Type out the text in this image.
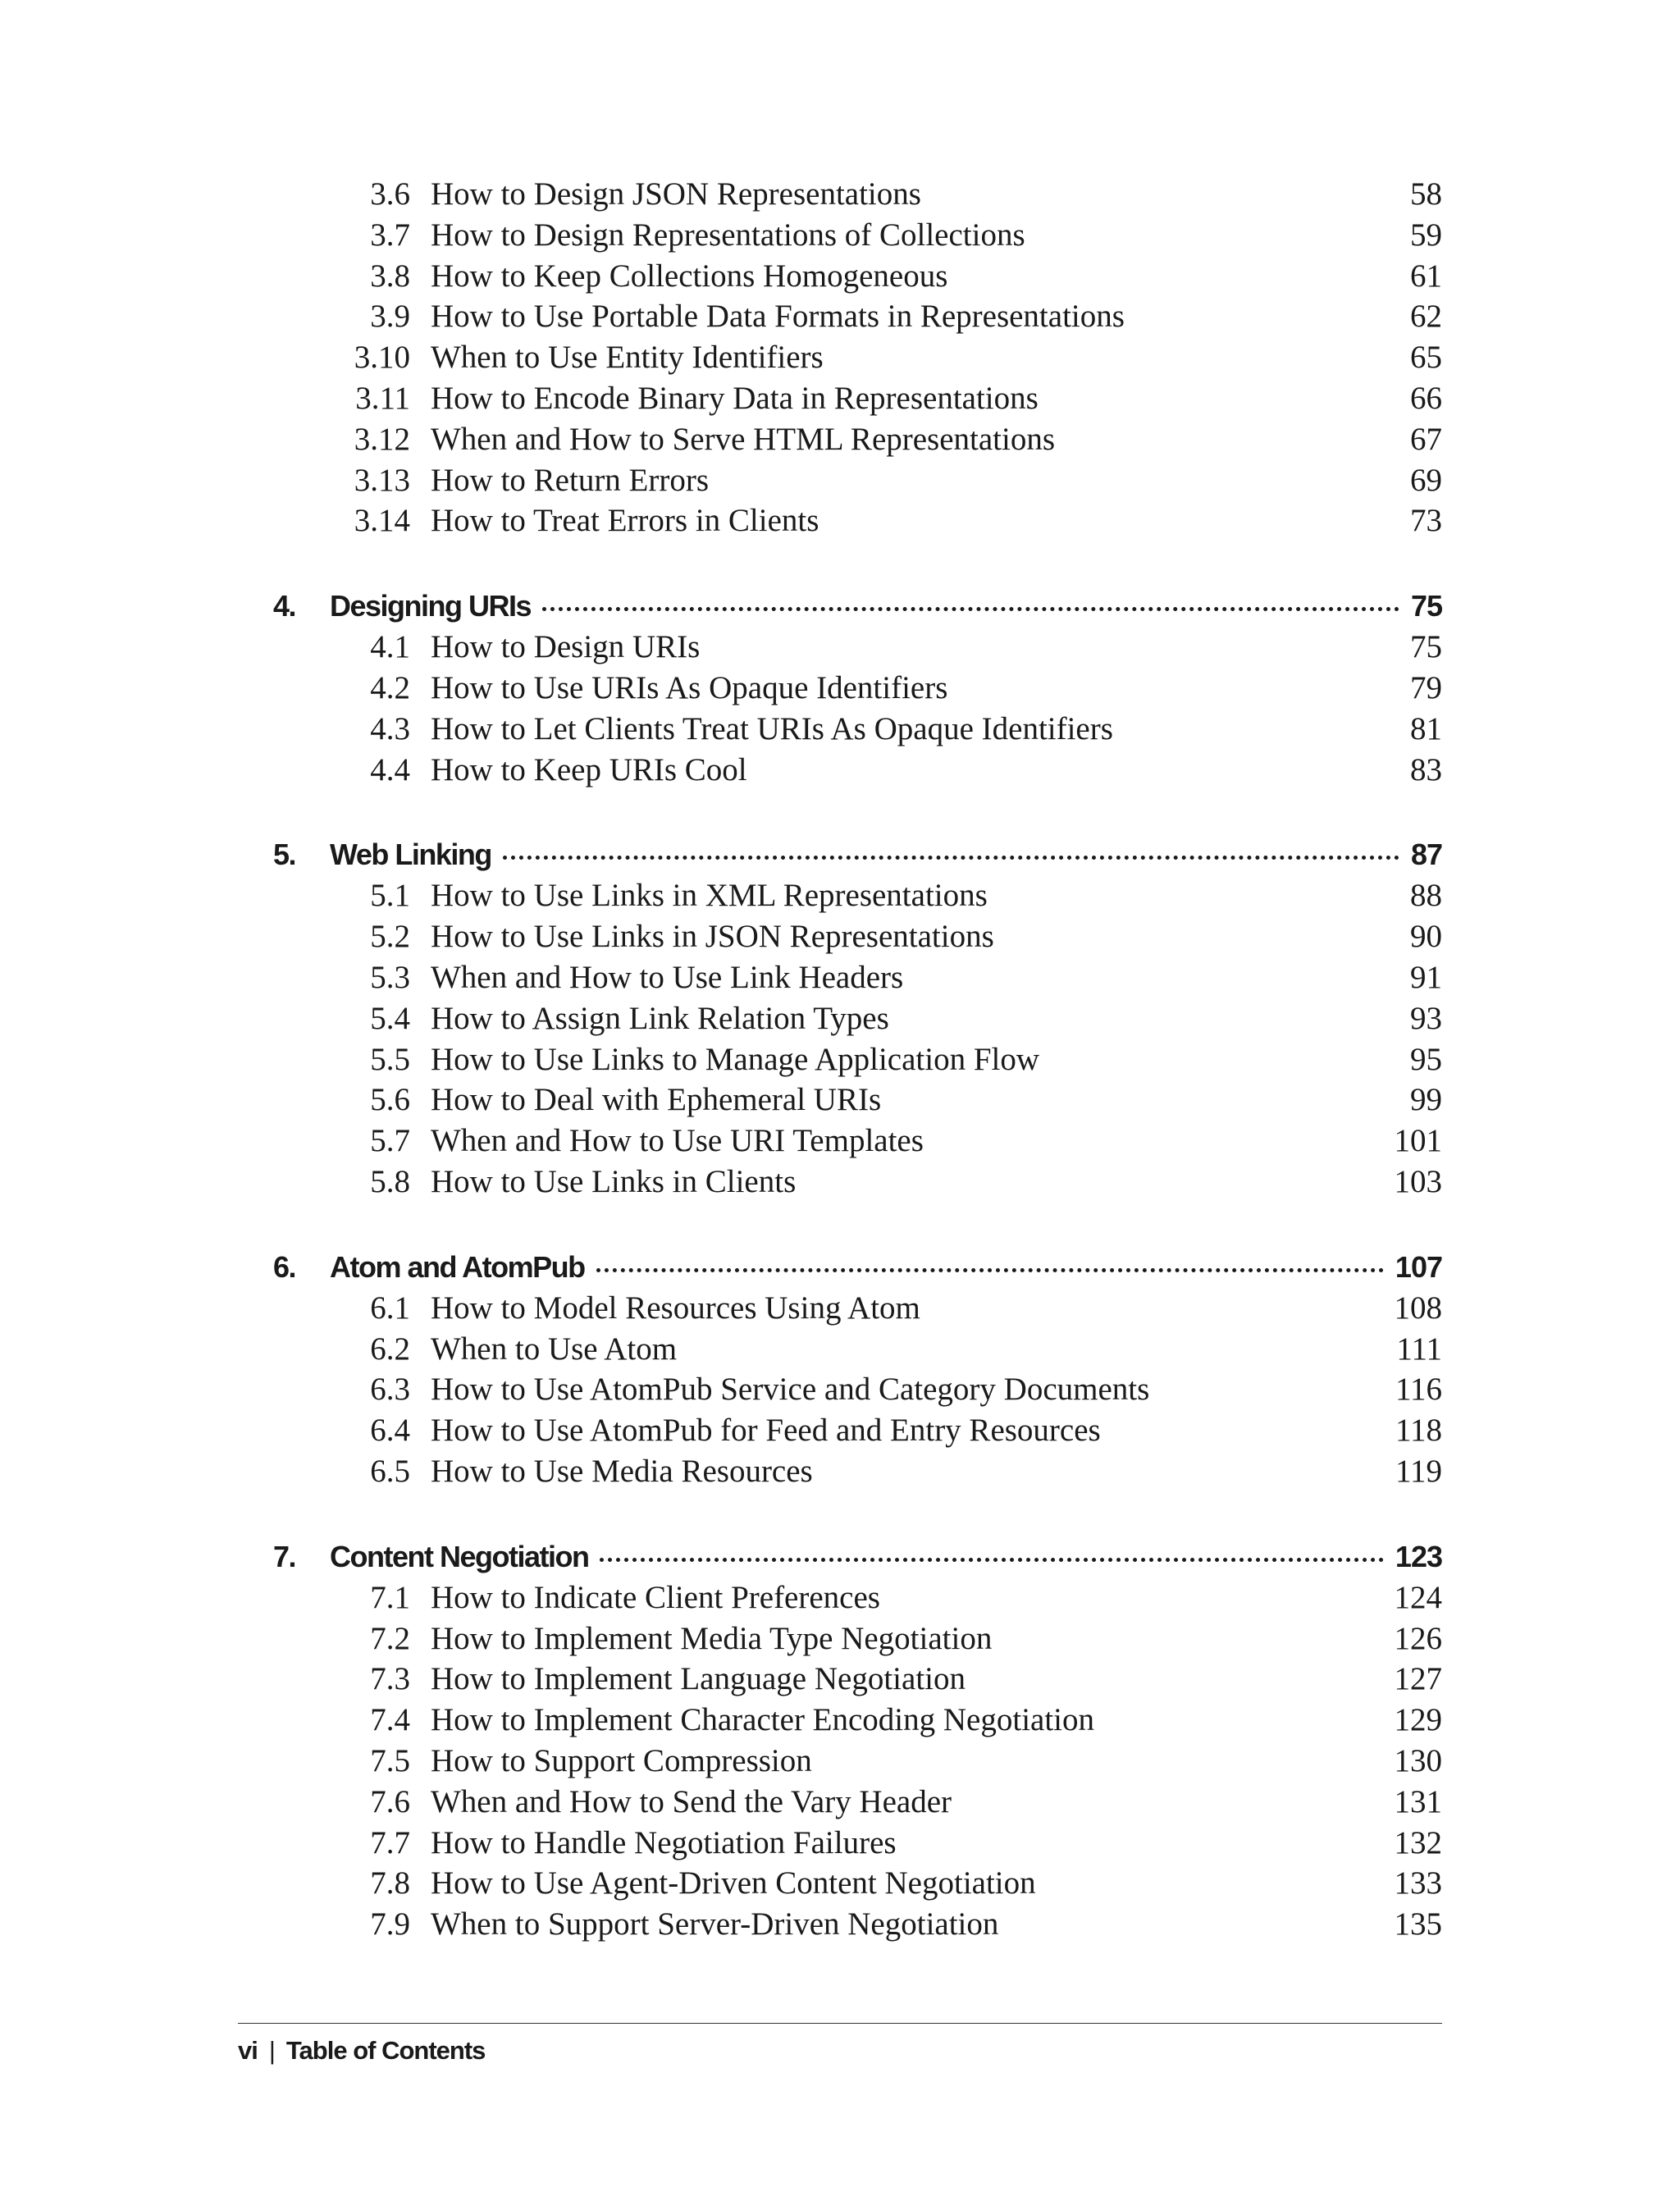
3.6 How to Design JSON Representations	58
3.7 How to Design Representations of Collections	59
3.8 How to Keep Collections Homogeneous	61
3.9 How to Use Portable Data Formats in Representations	62
3.10 When to Use Entity Identifiers	65
3.11 How to Encode Binary Data in Representations	66
3.12 When and How to Serve HTML Representations	67
3.13 How to Return Errors	69
3.14 How to Treat Errors in Clients	73
4. Designing URIs	75
4.1 How to Design URIs	75
4.2 How to Use URIs As Opaque Identifiers	79
4.3 How to Let Clients Treat URIs As Opaque Identifiers	81
4.4 How to Keep URIs Cool	83
5. Web Linking	87
5.1 How to Use Links in XML Representations	88
5.2 How to Use Links in JSON Representations	90
5.3 When and How to Use Link Headers	91
5.4 How to Assign Link Relation Types	93
5.5 How to Use Links to Manage Application Flow	95
5.6 How to Deal with Ephemeral URIs	99
5.7 When and How to Use URI Templates	101
5.8 How to Use Links in Clients	103
6. Atom and AtomPub	107
6.1 How to Model Resources Using Atom	108
6.2 When to Use Atom	111
6.3 How to Use AtomPub Service and Category Documents	116
6.4 How to Use AtomPub for Feed and Entry Resources	118
6.5 How to Use Media Resources	119
7. Content Negotiation	123
7.1 How to Indicate Client Preferences	124
7.2 How to Implement Media Type Negotiation	126
7.3 How to Implement Language Negotiation	127
7.4 How to Implement Character Encoding Negotiation	129
7.5 How to Support Compression	130
7.6 When and How to Send the Vary Header	131
7.7 How to Handle Negotiation Failures	132
7.8 How to Use Agent-Driven Content Negotiation	133
7.9 When to Support Server-Driven Negotiation	135
vi | Table of Contents
